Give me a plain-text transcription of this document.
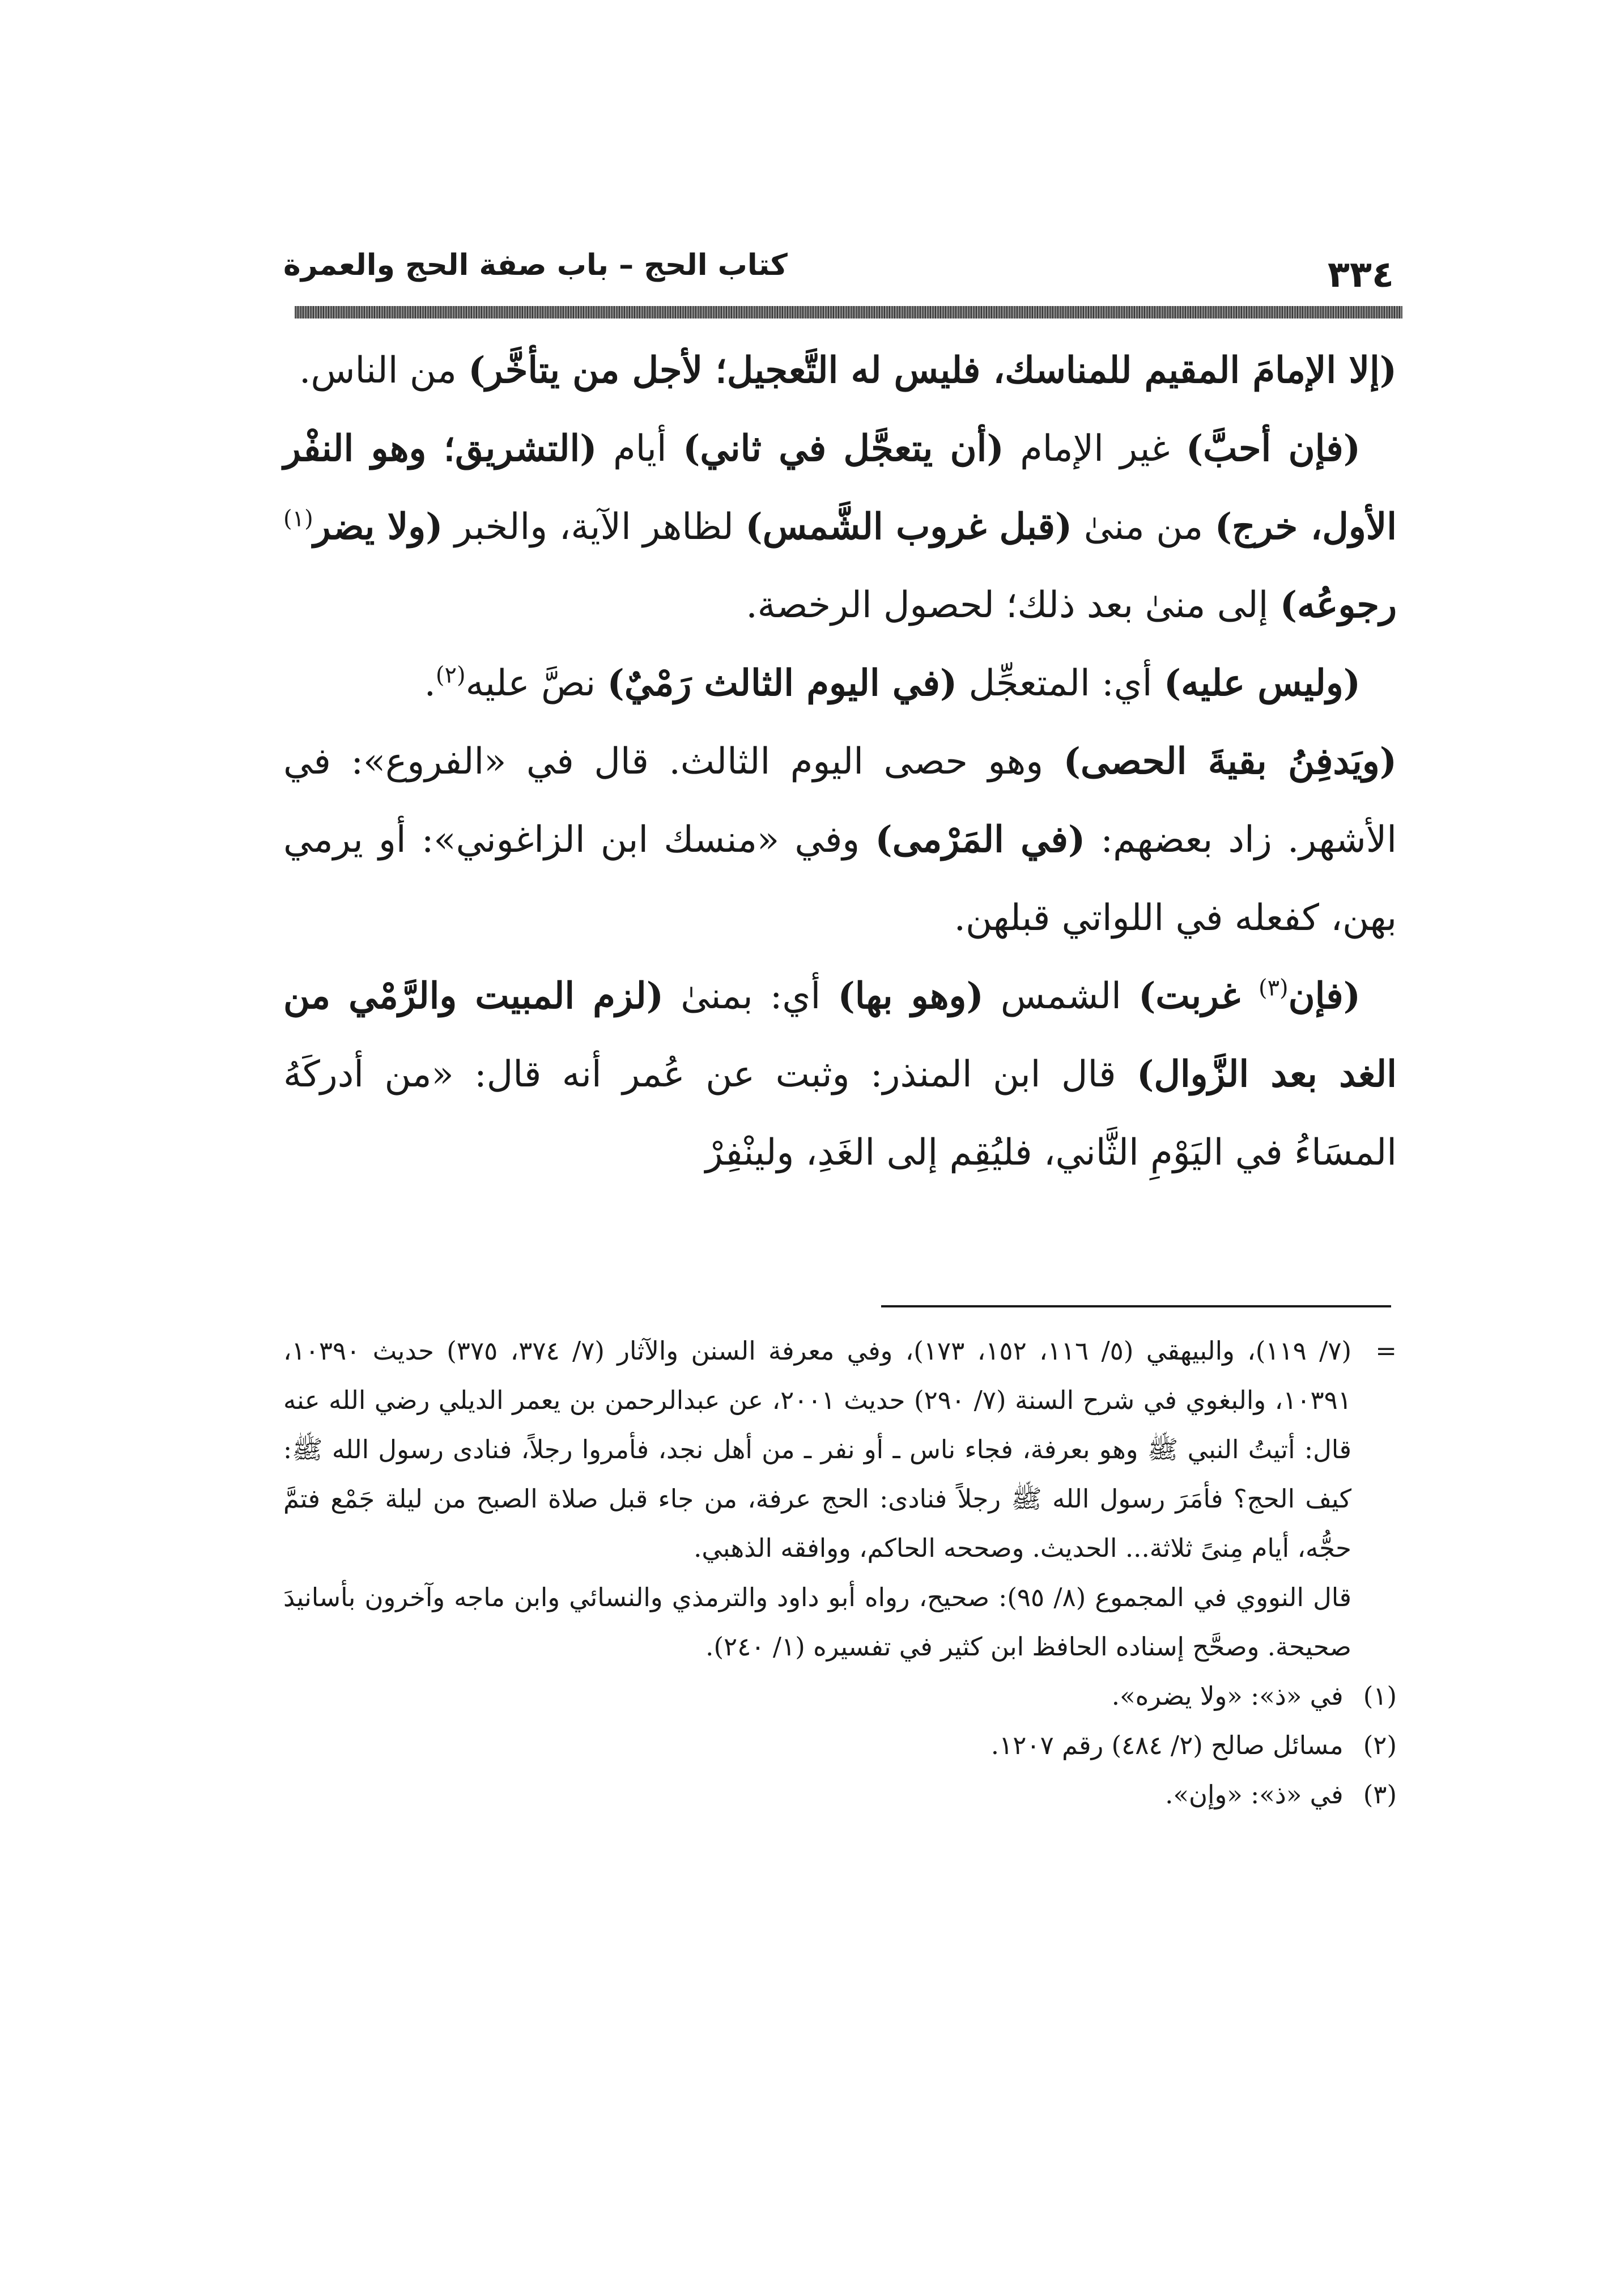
٣٣٤
كتاب الحج – باب صفة الحج والعمرة

(إلا الإمامَ المقيم للمناسك، فليس له التَّعجيل؛ لأجل من يتأخَّر) من الناس.

(فإن أحبَّ) غير الإمام (أن يتعجَّل في ثاني) أيام (التشريق؛ وهو النفْر الأول، خرج) من منىٰ (قبل غروب الشَّمس) لظاهر الآية، والخبر (ولا يضر$^{(١)}$ رجوعُه) إلى منىٰ بعد ذلك؛ لحصول الرخصة.

(وليس عليه) أي: المتعجِّل (في اليوم الثالث رَمْيٌ) نصَّ عليه$^{(٢)}$.

(ويَدفِنُ بقيةَ الحصى) وهو حصى اليوم الثالث. قال في «الفروع»: في الأشهر. زاد بعضهم: (في المَرْمى) وفي «منسك ابن الزاغوني»: أو يرمي بهن، كفعله في اللواتي قبلهن.

(فإن$^{(٣)}$ غربت) الشمس (وهو بها) أي: بمنىٰ (لزم المبيت والرَّمْي من الغد بعد الزَّوال) قال ابن المنذر: وثبت عن عُمر أنه قال: «من أدركَهُ المسَاءُ في اليَوْمِ الثَّاني، فليُقِم إلى الغَدِ، ولينْفِرْ

=
(٧/ ١١٩)، والبيهقي (٥/ ١١٦، ١٥٢، ١٧٣)، وفي معرفة السنن والآثار (٧/ ٣٧٤، ٣٧٥) حديث ١٠٣٩٠، ١٠٣٩١، والبغوي في شرح السنة (٧/ ٢٩٠) حديث ٢٠٠١، عن عبدالرحمن بن يعمر الديلي رضي الله عنه قال: أتيتُ النبي ﷺ وهو بعرفة، فجاء ناس ـ أو نفر ـ من أهل نجد، فأمروا رجلاً، فنادى رسول الله ﷺ: كيف الحج؟ فأمَرَ رسول الله ﷺ رجلاً فنادى: الحج عرفة، من جاء قبل صلاة الصبح من ليلة جَمْع فتمَّ حجُّه، أيام مِنىً ثلاثة... الحديث. وصححه الحاكم، ووافقه الذهبي.

قال النووي في المجموع (٨/ ٩٥): صحيح، رواه أبو داود والترمذي والنسائي وابن ماجه وآخرون بأسانيدَ صحيحة. وصحَّح إسناده الحافظ ابن كثير في تفسيره (١/ ٢٤٠).

(١) في «ذ»: «ولا يضره».

(٢) مسائل صالح (٢/ ٤٨٤) رقم ١٢٠٧.

(٣) في «ذ»: «وإن».
